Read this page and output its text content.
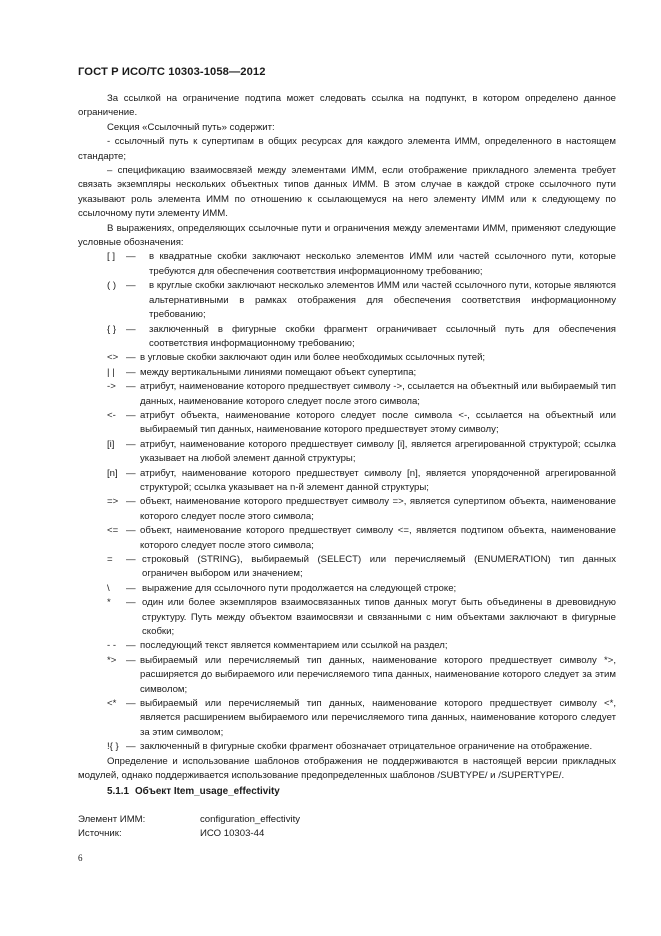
ГОСТ Р ИСО/ТС 10303-1058—2012

За ссылкой на ограничение подтипа может следовать ссылка на подпункт, в котором определено данное ограничение.

Секция «Ссылочный путь» содержит:

- ссылочный путь к супертипам в общих ресурсах для каждого элемента ИММ, определенного в настоящем стандарте;

– спецификацию взаимосвязей между элементами ИММ, если отображение прикладного элемента требует связать экземпляры нескольких объектных типов данных ИММ. В этом случае в каждой строке ссылочного пути указывают роль элемента ИММ по отношению к ссылающемуся на него элементу ИММ или к следующему по ссылочному пути элементу ИММ.

В выражениях, определяющих ссылочные пути и ограничения между элементами ИММ, применяют следующие условные обозначения:

[ ]	—	в квадратные скобки заключают несколько элементов ИММ или частей ссылочного пути, которые требуются для обеспечения соответствия информационному требованию;
( )	—	в круглые скобки заключают несколько элементов ИММ или частей ссылочного пути, которые являются альтернативными в рамках отображения для обеспечения соответствия информационному требованию;
{ }	—	заключенный в фигурные скобки фрагмент ограничивает ссылочный путь для обеспечения соответствия информационному требованию;
<> — в угловые скобки заключают один или более необходимых ссылочных путей;
| |	— между вертикальными линиями помещают объект супертипа;
->	— атрибут, наименование которого предшествует символу ->, ссылается на объектный или выбираемый тип данных, наименование которого следует после этого символа;
<-	— атрибут объекта, наименование которого следует после символа <-, ссылается на объектный или выбираемый тип данных, наименование которого предшествует этому символу;
[i]	— атрибут, наименование которого предшествует символу [i], является агрегированной структурой; ссылка указывает на любой элемент данной структуры;
[n] — атрибут, наименование которого предшествует символу [n], является упорядоченной агрегированной структурой; ссылка указывает на n-й элемент данной структуры;
=> — объект, наименование которого предшествует символу =>, является супертипом объекта, наименование которого следует после этого символа;
<= — объект, наименование которого предшествует символу <=, является подтипом объекта, наименование которого следует после этого символа;
=	— строковый (STRING), выбираемый (SELECT) или перечисляемый (ENUMERATION) тип данных ограничен выбором или значением;
\	— выражение для ссылочного пути продолжается на следующей строке;
*	— один или более экземпляров взаимосвязанных типов данных могут быть объединены в древовидную структуру. Путь между объектом взаимосвязи и связанными с ним объектами заключают в фигурные скобки;
- -	— последующий текст является комментарием или ссылкой на раздел;
*>	— выбираемый или перечисляемый тип данных, наименование которого предшествует символу *>, расширяется до выбираемого или перечисляемого типа данных, наименование которого следует за этим символом;
<*	— выбираемый или перечисляемый тип данных, наименование которого предшествует символу <*, является расширением выбираемого или перечисляемого типа данных, наименование которого следует за этим символом;
!{ } — заключенный в фигурные скобки фрагмент обозначает отрицательное ограничение на отображение.

Определение и использование шаблонов отображения не поддерживаются в настоящей версии прикладных модулей, однако поддерживается использование предопределенных шаблонов /SUBTYPE/ и /SUPERTYPE/.

5.1.1 Объект Item_usage_effectivity
Элемент ИММ:	configuration_effectivity
Источник:	ИСО 10303-44
6
